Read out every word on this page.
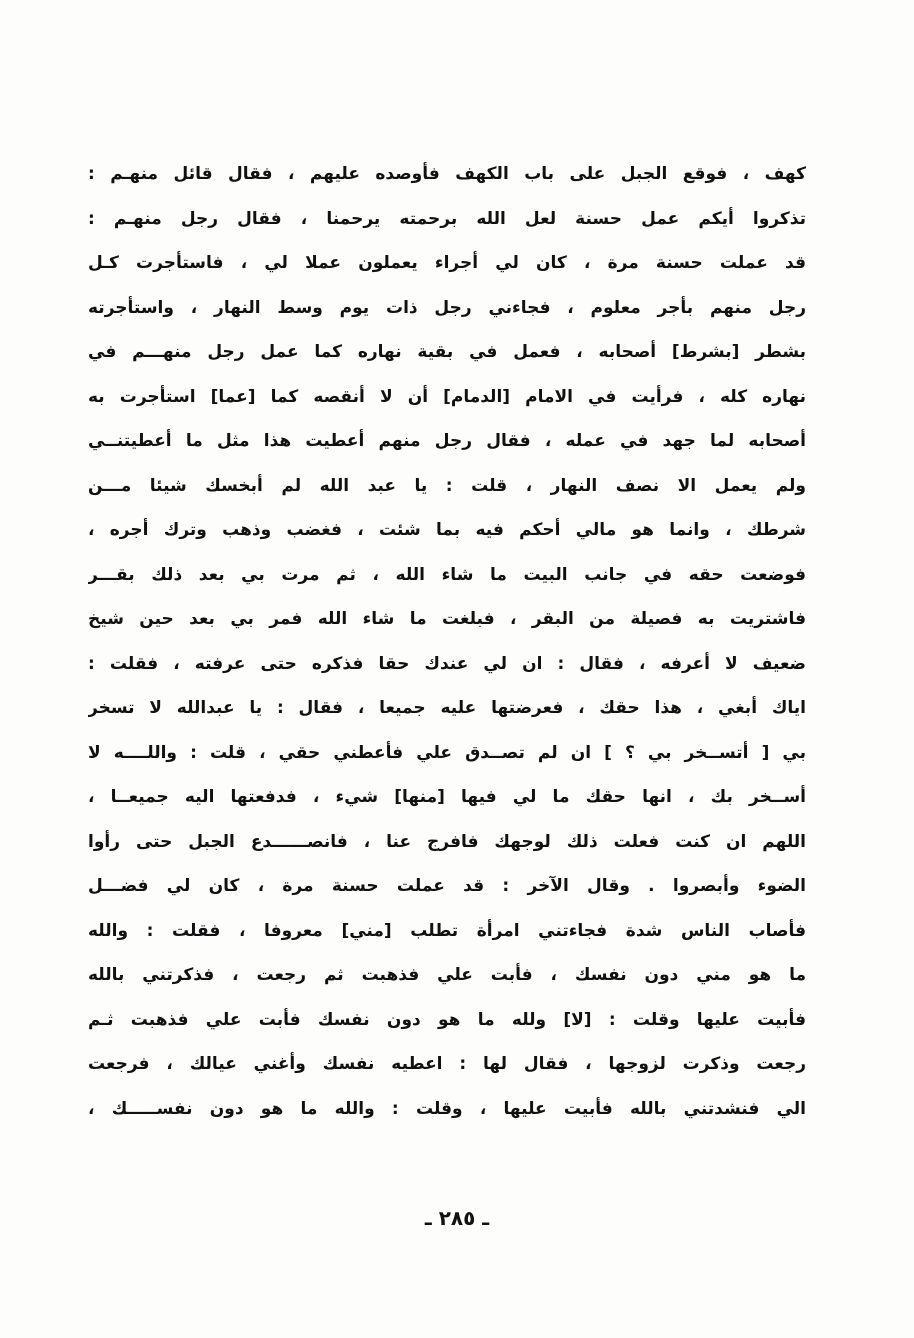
كهف ، فوقع الجبل على باب الكهف فأوصده عليهم ، فقال قائل منهـم :
تذكروا أيكم عمل حسنة لعل الله برحمته يرحمنا ، فقال رجل منهـم :
قد عملت حسنة مرة ، كان لي أجراء يعملون عملا لي ، فاستأجرت كـل
رجل منهم بأجر معلوم ، فجاءني رجل ذات يوم وسط النهار ، واستأجرته
بشطر [بشرط] أصحابه ، فعمل في بقية نهاره كما عمل رجل منهـــم في
نهاره كله ، فرأيت في الامام [الدمام] أن لا أنقصه كما [عما] استأجرت به
أصحابه لما جهد في عمله ، فقال رجل منهم أعطيت هذا مثل ما أعطيتنــي
ولم يعمل الا نصف النهار ، قلت : يا عبد الله لم أبخسك شيئا مـــن
شرطك ، وانما هو مالي أحكم فيه بما شئت ، فغضب وذهب وترك أجره ،
فوضعت حقه في جانب البيت ما شاء الله ، ثم مرت بي بعد ذلك بقـــر
فاشتريت به فصيلة من البقر ، فبلغت ما شاء الله فمر بي بعد حين شيخ
ضعيف لا أعرفه ، فقال : ان لي عندك حقا فذكره حتى عرفته ، فقلت :
اياك أبغي ، هذا حقك ، فعرضتها عليه جميعا ، فقال : يا عبدالله لا تسخر
بي [ أتســخر بي ؟ ] ان لم تصــدق علي فأعطني حقي ، قلت : واللــــه لا
أســخر بك ، انها حقك ما لي فيها [منها] شيء ، فدفعتها اليه جميعــا ،
اللهم ان كنت فعلت ذلك لوجهك فافرج عنا ، فانصــــــدع الجبل حتى رأوا
الضوء وأبصروا . وقال الآخر : قد عملت حسنة مرة ، كان لي فضـــل
فأصاب الناس شدة فجاءتني امرأة تطلب [مني] معروفا ، فقلت : والله
ما هو مني دون نفسك ، فأبت علي فذهبت ثم رجعت ، فذكرتني بالله
فأبيت عليها وقلت : [لا] ولله ما هو دون نفسك فأبت علي فذهبت ثـم
رجعت وذكرت لزوجها ، فقال لها : اعطيه نفسك وأغني عيالك ، فرجعت
الي فنشدتني بالله فأبيت عليها ، وقلت : والله ما هو دون نفســـــك ،
ـ ٢٨٥ ـ
